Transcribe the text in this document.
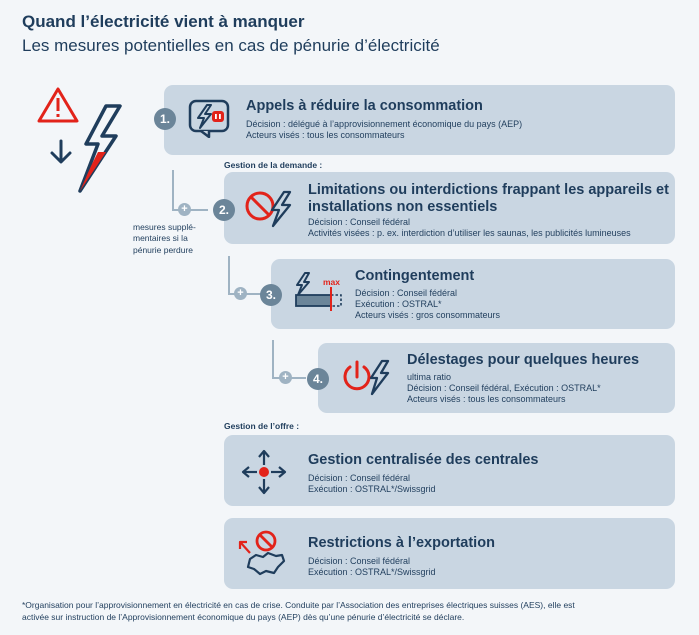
Quand l’électricité vient à manquer
Les mesures potentielles en cas de pénurie d’électricité
Appels à réduire la consommation
Décision : délégué à l’approvisionnement économique du pays (AEP)
Acteurs visés : tous les consommateurs
1.
Gestion de la demande :
+
mesures supplé-
mentaires si la
pénurie perdure
Limitations ou interdictions frappant les appareils et
installations non essentiels
Décision : Conseil fédéral
Activités visées : p. ex. interdiction d’utiliser les saunas, les publicités lumineuses
2.
+
max Contingentement
Décision : Conseil fédéral
Exécution : OSTRAL*
Acteurs visés : gros consommateurs
3.
+
Délestages pour quelques heures
ultima ratio
Décision : Conseil fédéral, Exécution : OSTRAL*
Acteurs visés : tous les consommateurs
4.
Gestion de l’offre :
Gestion centralisée des centrales
Décision : Conseil fédéral
Exécution : OSTRAL*/Swissgrid
Restrictions à l’exportation
Décision : Conseil fédéral
Exécution : OSTRAL*/Swissgrid
*Organisation pour l’approvisionnement en électricité en cas de crise. Conduite par l’Association des entreprises électriques suisses (AES), elle est
activée sur instruction de l’Approvisionnement économique du pays (AEP) dès qu’une pénurie d’électricité se déclare.
